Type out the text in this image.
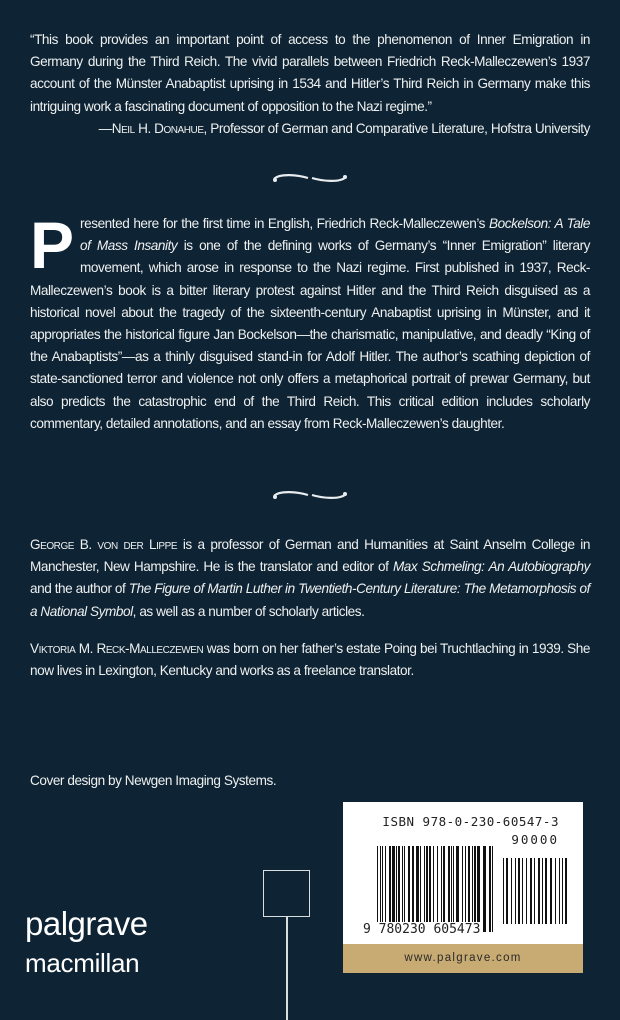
“This book provides an important point of access to the phenomenon of Inner Emigration in Germany during the Third Reich. The vivid parallels between Friedrich Reck-Malleczewen’s 1937 account of the Münster Anabaptist uprising in 1534 and Hitler’s Third Reich in Germany make this intriguing work a fascinating document of opposition to the Nazi regime.”

—Neil H. Donahue, Professor of German and Comparative Literature, Hofstra University

Presented here for the first time in English, Friedrich Reck-Malleczewen’s Bockelson: A Tale of Mass Insanity is one of the defining works of Germany’s “Inner Emigration” literary movement, which arose in response to the Nazi regime. First published in 1937, Reck-Malleczewen’s book is a bitter literary protest against Hitler and the Third Reich disguised as a historical novel about the tragedy of the sixteenth-century Anabaptist uprising in Münster, and it appropriates the historical figure Jan Bockelson—the charismatic, manipulative, and deadly “King of the Anabaptists”—as a thinly disguised stand-in for Adolf Hitler. The author’s scathing depiction of state-sanctioned terror and violence not only offers a metaphorical portrait of prewar Germany, but also predicts the catastrophic end of the Third Reich. This critical edition includes scholarly commentary, detailed annotations, and an essay from Reck-Malleczewen’s daughter.
George B. von der Lippe is a professor of German and Humanities at Saint Anselm College in Manchester, New Hampshire. He is the translator and editor of Max Schmeling: An Autobiography and the author of The Figure of Martin Luther in Twentieth-Century Literature: The Metamorphosis of a National Symbol, as well as a number of scholarly articles.
Viktoria M. Reck-Malleczewen was born on her father’s estate Poing bei Truchtlaching in 1939. She now lives in Lexington, Kentucky and works as a freelance translator.
Cover design by Newgen Imaging Systems.
ISBN 978-0-230-60547-3
90000
9 780230 605473
www.palgrave.com
palgrave
macmillan
